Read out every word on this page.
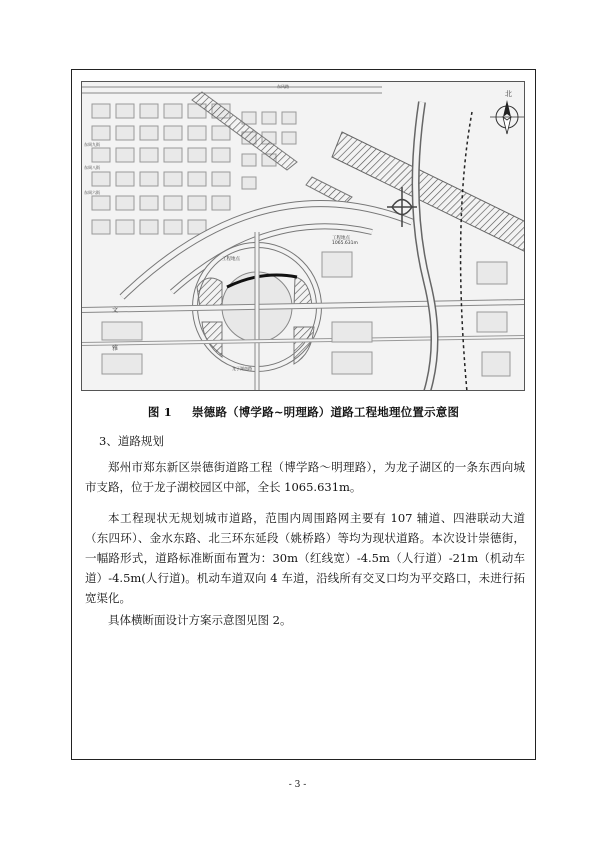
北
东风路
东周九街
东周八街
东周六街
工程地点 1065.631m
工程地点
文
雅
龙子湖南路
图 1 崇德路（博学路~明理路）道路工程地理位置示意图
3、道路规划

郑州市郑东新区崇德街道路工程（博学路～明理路），为龙子湖区的一条东西向城市支路，位于龙子湖校园区中部，全长 1065.631m。

本工程现状无规划城市道路，范围内周围路网主要有 107 辅道、四港联动大道（东四环）、金水东路、北三环东延段（姚桥路）等均为现状道路。本次设计崇德街，一幅路形式，道路标准断面布置为：30m（红线宽）-4.5m（人行道）-21m（机动车道）-4.5m(人行道)。机动车道双向 4 车道，沿线所有交叉口均为平交路口，未进行拓宽渠化。

具体横断面设计方案示意图见图 2。

- 3 -
